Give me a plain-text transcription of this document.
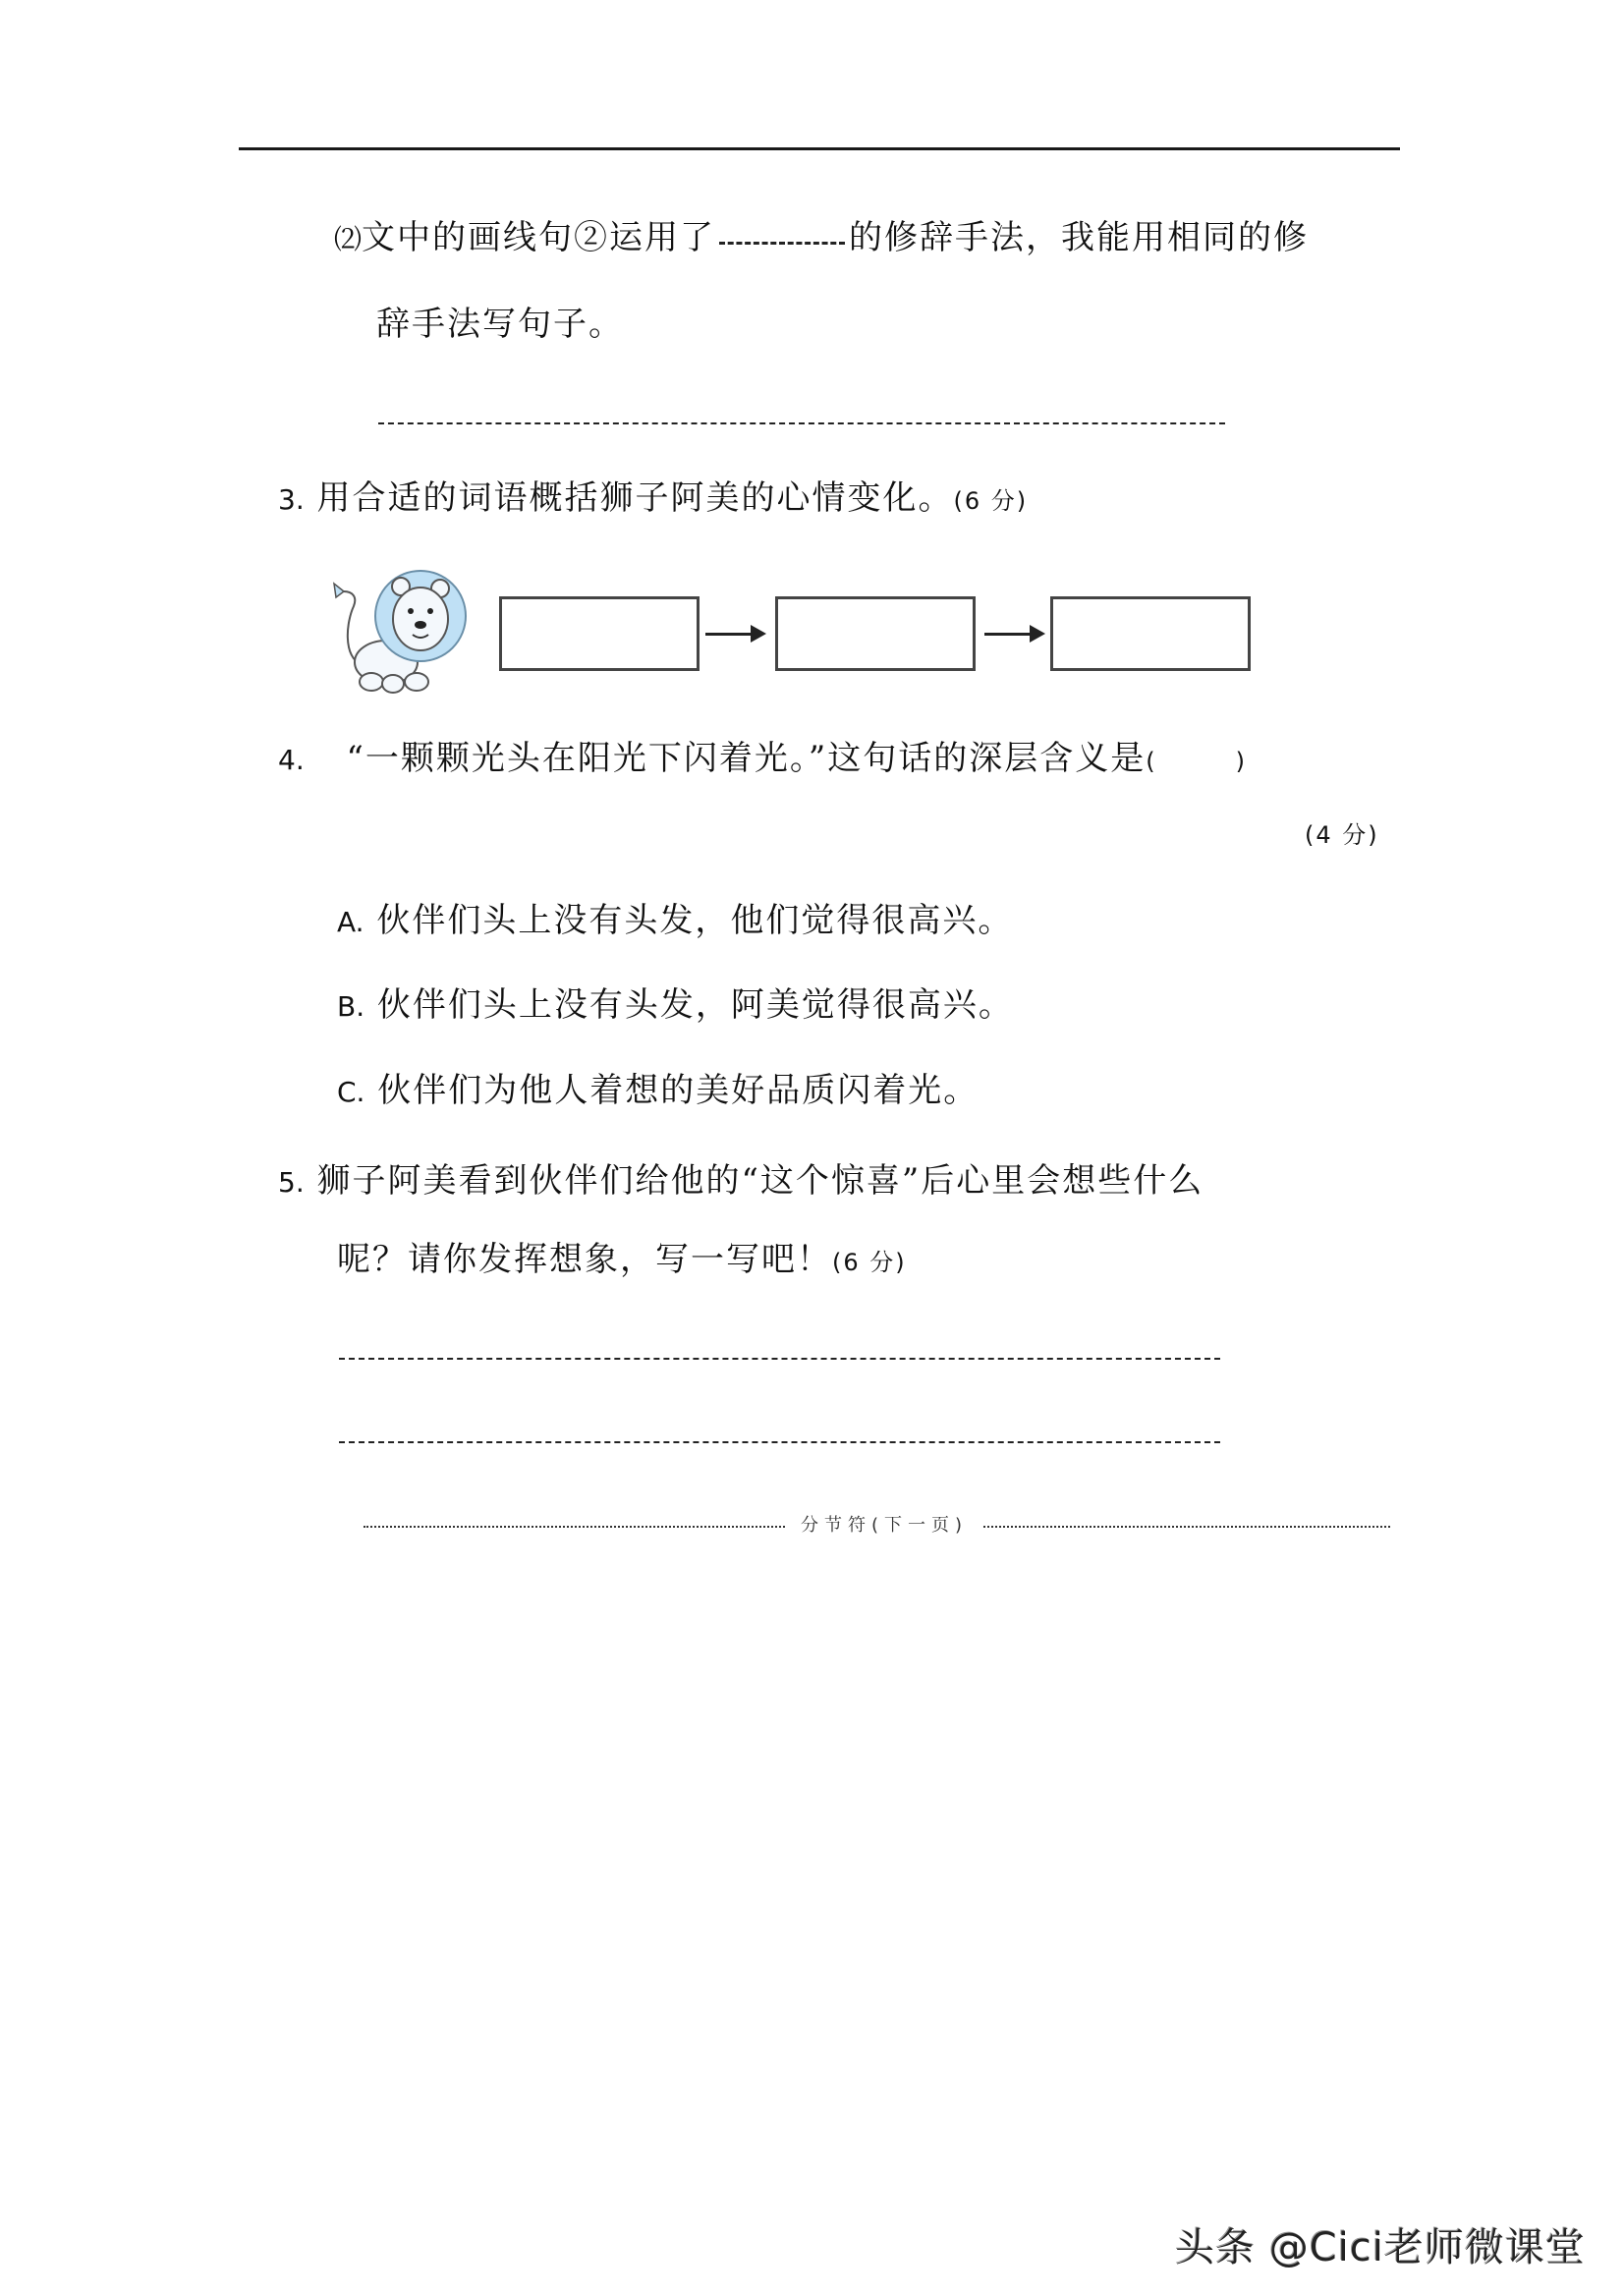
⑵文中的画线句②运用了	的修辞手法，我能用相同的修
辞手法写句子。
3. 用合适的词语概括狮子阿美的心情变化。(6 分)
4. “一颗颗光头在阳光下闪着光。”这句话的深层含义是(	)
(4 分)
A. 伙伴们头上没有头发，他们觉得很高兴。
B. 伙伴们头上没有头发，阿美觉得很高兴。
C. 伙伴们为他人着想的美好品质闪着光。
5. 狮子阿美看到伙伴们给他的“这个惊喜”后心里会想些什么
呢？请你发挥想象，写一写吧！(6 分)
分节符(下一页)
头条 @Cici老师微课堂
